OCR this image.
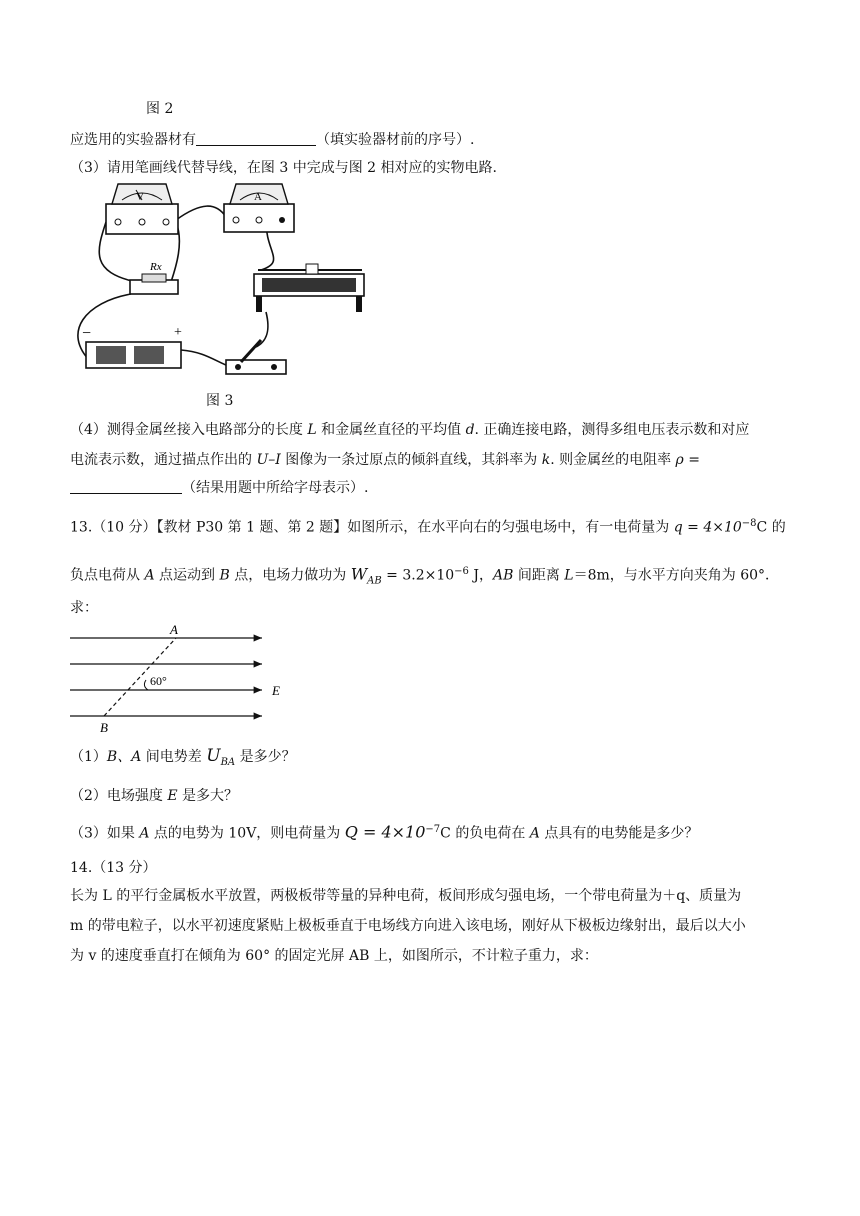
图 2
应选用的实验器材有	（填实验器材前的序号）.
（3）请用笔画线代替导线，在图 3 中完成与图 2 相对应的实物电路.
V	A
Rx
−	+
图 3
（4）测得金属丝接入电路部分的长度 L 和金属丝直径的平均值 d. 正确连接电路，测得多组电压表示数和对应
电流表示数，通过描点作出的 U–I 图像为一条过原点的倾斜直线，其斜率为 k. 则金属丝的电阻率 ρ =
（结果用题中所给字母表示）.
13.（10 分）【教材 P30 第 1 题、第 2 题】如图所示，在水平向右的匀强电场中，有一电荷量为 $q = 4\times 10^{-8}C$ 的
负点电荷从 A 点运动到 B 点，电场力做功为 $W_{AB} = 3.2\times 10^{-6}$ J，AB 间距离 L＝8m，与水平方向夹角为 60°．
求：
60°
A
B
E
（1）B、A 间电势差 $U_{BA}$ 是多少？
（2）电场强度 E 是多大？
（3）如果 A 点的电势为 10V，则电荷量为 $Q = 4\times 10^{-7}C$ 的负电荷在 A 点具有的电势能是多少？
14.（13 分）
长为 L 的平行金属板水平放置，两极板带等量的异种电荷，板间形成匀强电场，一个带电荷量为＋q、质量为
m 的带电粒子，以水平初速度紧贴上极板垂直于电场线方向进入该电场，刚好从下极板边缘射出，最后以大小
为 v 的速度垂直打在倾角为 60° 的固定光屏 AB 上，如图所示，不计粒子重力，求：
